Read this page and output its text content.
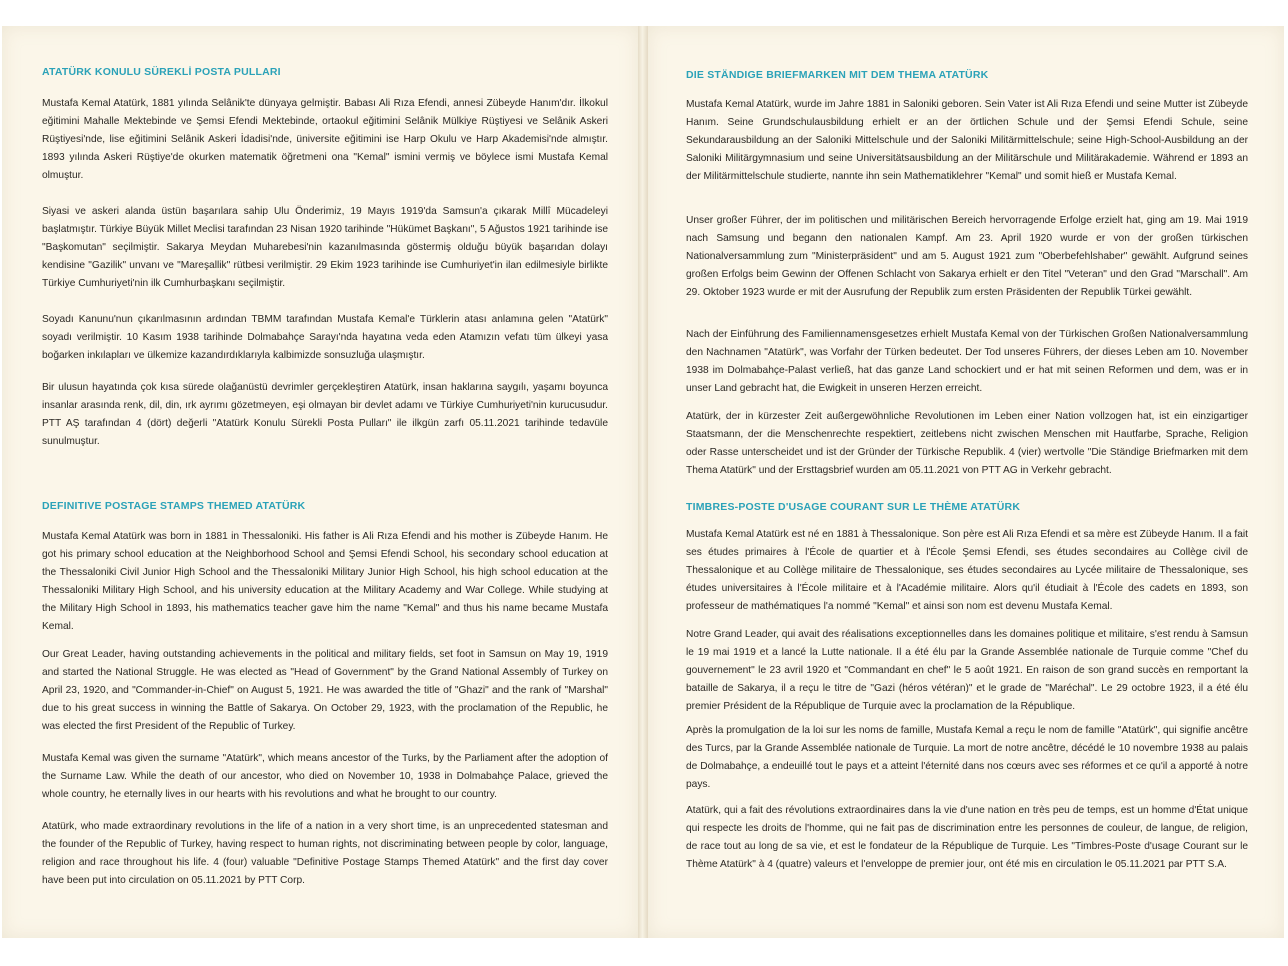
ATATÜRK KONULU SÜREKLİ POSTA PULLARI

Mustafa Kemal Atatürk, 1881 yılında Selânik'te dünyaya gelmiştir. Babası Ali Rıza Efendi, annesi Zübeyde Hanım'dır. İlkokul eğitimini Mahalle Mektebinde ve Şemsi Efendi Mektebinde, ortaokul eğitimini Selânik Mülkiye Rüştiyesi ve Selânik Askeri Rüştiyesi'nde, lise eğitimini Selânik Askeri İdadisi'nde, üniversite eğitimini ise Harp Okulu ve Harp Akademisi'nde almıştır. 1893 yılında Askeri Rüştiye'de okurken matematik öğretmeni ona "Kemal" ismini vermiş ve böylece ismi Mustafa Kemal olmuştur.

Siyasi ve askeri alanda üstün başarılara sahip Ulu Önderimiz, 19 Mayıs 1919'da Samsun'a çıkarak Millî Mücadeleyi başlatmıştır. Türkiye Büyük Millet Meclisi tarafından 23 Nisan 1920 tarihinde "Hükümet Başkanı", 5 Ağustos 1921 tarihinde ise "Başkomutan" seçilmiştir. Sakarya Meydan Muharebesi'nin kazanılmasında göstermiş olduğu büyük başarıdan dolayı kendisine "Gazilik" unvanı ve "Mareşallik" rütbesi verilmiştir. 29 Ekim 1923 tarihinde ise Cumhuriyet'in ilan edilmesiyle birlikte Türkiye Cumhuriyeti'nin ilk Cumhurbaşkanı seçilmiştir.

Soyadı Kanunu'nun çıkarılmasının ardından TBMM tarafından Mustafa Kemal'e Türklerin atası anlamına gelen "Atatürk" soyadı verilmiştir. 10 Kasım 1938 tarihinde Dolmabahçe Sarayı'nda hayatına veda eden Atamızın vefatı tüm ülkeyi yasa boğarken inkılapları ve ülkemize kazandırdıklarıyla kalbimizde sonsuzluğa ulaşmıştır.

Bir ulusun hayatında çok kısa sürede olağanüstü devrimler gerçekleştiren Atatürk, insan haklarına saygılı, yaşamı boyunca insanlar arasında renk, dil, din, ırk ayrımı gözetmeyen, eşi olmayan bir devlet adamı ve Türkiye Cumhuriyeti'nin kurucusudur. PTT AŞ tarafından 4 (dört) değerli "Atatürk Konulu Sürekli Posta Pulları" ile ilkgün zarfı 05.11.2021 tarihinde tedavüle sunulmuştur.

DEFINITIVE POSTAGE STAMPS THEMED ATATÜRK

Mustafa Kemal Atatürk was born in 1881 in Thessaloniki. His father is Ali Rıza Efendi and his mother is Zübeyde Hanım. He got his primary school education at the Neighborhood School and Şemsi Efendi School, his secondary school education at the Thessaloniki Civil Junior High School and the Thessaloniki Military Junior High School, his high school education at the Thessaloniki Military High School, and his university education at the Military Academy and War College. While studying at the Military High School in 1893, his mathematics teacher gave him the name "Kemal" and thus his name became Mustafa Kemal.

Our Great Leader, having outstanding achievements in the political and military fields, set foot in Samsun on May 19, 1919 and started the National Struggle. He was elected as "Head of Government" by the Grand National Assembly of Turkey on April 23, 1920, and "Commander-in-Chief" on August 5, 1921. He was awarded the title of "Ghazi" and the rank of "Marshal" due to his great success in winning the Battle of Sakarya. On October 29, 1923, with the proclamation of the Republic, he was elected the first President of the Republic of Turkey.

Mustafa Kemal was given the surname "Atatürk", which means ancestor of the Turks, by the Parliament after the adoption of the Surname Law. While the death of our ancestor, who died on November 10, 1938 in Dolmabahçe Palace, grieved the whole country, he eternally lives in our hearts with his revolutions and what he brought to our country.

Atatürk, who made extraordinary revolutions in the life of a nation in a very short time, is an unprecedented statesman and the founder of the Republic of Turkey, having respect to human rights, not discriminating between people by color, language, religion and race throughout his life. 4 (four) valuable "Definitive Postage Stamps Themed Atatürk" and the first day cover have been put into circulation on 05.11.2021 by PTT Corp.

DIE STÄNDIGE BRIEFMARKEN MIT DEM THEMA ATATÜRK

Mustafa Kemal Atatürk, wurde im Jahre 1881 in Saloniki geboren. Sein Vater ist Ali Rıza Efendi und seine Mutter ist Zübeyde Hanım. Seine Grundschulausbildung erhielt er an der örtlichen Schule und der Şemsi Efendi Schule, seine Sekundarausbildung an der Saloniki Mittelschule und der Saloniki Militärmittelschule; seine High-School-Ausbildung an der Saloniki Militärgymnasium und seine Universitätsausbildung an der Militärschule und Militärakademie. Während er 1893 an der Militärmittelschule studierte, nannte ihn sein Mathematiklehrer "Kemal" und somit hieß er Mustafa Kemal.

Unser großer Führer, der im politischen und militärischen Bereich hervorragende Erfolge erzielt hat, ging am 19. Mai 1919 nach Samsung und begann den nationalen Kampf. Am 23. April 1920 wurde er von der großen türkischen Nationalversammlung zum "Ministerpräsident" und am 5. August 1921 zum "Oberbefehlshaber" gewählt. Aufgrund seines großen Erfolgs beim Gewinn der Offenen Schlacht von Sakarya erhielt er den Titel "Veteran" und den Grad "Marschall". Am 29. Oktober 1923 wurde er mit der Ausrufung der Republik zum ersten Präsidenten der Republik Türkei gewählt.

Nach der Einführung des Familiennamensgesetzes erhielt Mustafa Kemal von der Türkischen Großen Nationalversammlung den Nachnamen "Atatürk", was Vorfahr der Türken bedeutet. Der Tod unseres Führers, der dieses Leben am 10. November 1938 im Dolmabahçe-Palast verließ, hat das ganze Land schockiert und er hat mit seinen Reformen und dem, was er in unser Land gebracht hat, die Ewigkeit in unseren Herzen erreicht.

Atatürk, der in kürzester Zeit außergewöhnliche Revolutionen im Leben einer Nation vollzogen hat, ist ein einzigartiger Staatsmann, der die Menschenrechte respektiert, zeitlebens nicht zwischen Menschen mit Hautfarbe, Sprache, Religion oder Rasse unterscheidet und ist der Gründer der Türkische Republik. 4 (vier) wertvolle "Die Ständige Briefmarken mit dem Thema Atatürk" und der Ersttagsbrief wurden am 05.11.2021 von PTT AG in Verkehr gebracht.

TIMBRES-POSTE D'USAGE COURANT SUR LE THÈME ATATÜRK

Mustafa Kemal Atatürk est né en 1881 à Thessalonique. Son père est Ali Rıza Efendi et sa mère est Zübeyde Hanım. Il a fait ses études primaires à l'École de quartier et à l'École Şemsi Efendi, ses études secondaires au Collège civil de Thessalonique et au Collège militaire de Thessalonique, ses études secondaires au Lycée militaire de Thessalonique, ses études universitaires à l'École militaire et à l'Académie militaire. Alors qu'il étudiait à l'École des cadets en 1893, son professeur de mathématiques l'a nommé "Kemal" et ainsi son nom est devenu Mustafa Kemal.

Notre Grand Leader, qui avait des réalisations exceptionnelles dans les domaines politique et militaire, s'est rendu à Samsun le 19 mai 1919 et a lancé la Lutte nationale. Il a été élu par la Grande Assemblée nationale de Turquie comme "Chef du gouvernement" le 23 avril 1920 et "Commandant en chef" le 5 août 1921. En raison de son grand succès en remportant la bataille de Sakarya, il a reçu le titre de "Gazi (héros vétéran)" et le grade de "Maréchal". Le 29 octobre 1923, il a été élu premier Président de la République de Turquie avec la proclamation de la République.

Après la promulgation de la loi sur les noms de famille, Mustafa Kemal a reçu le nom de famille "Atatürk", qui signifie ancêtre des Turcs, par la Grande Assemblée nationale de Turquie. La mort de notre ancêtre, décédé le 10 novembre 1938 au palais de Dolmabahçe, a endeuillé tout le pays et a atteint l'éternité dans nos cœurs avec ses réformes et ce qu'il a apporté à notre pays.

Atatürk, qui a fait des révolutions extraordinaires dans la vie d'une nation en très peu de temps, est un homme d'État unique qui respecte les droits de l'homme, qui ne fait pas de discrimination entre les personnes de couleur, de langue, de religion, de race tout au long de sa vie, et est le fondateur de la République de Turquie. Les "Timbres-Poste d'usage Courant sur le Thème Atatürk" à 4 (quatre) valeurs et l'enveloppe de premier jour, ont été mis en circulation le 05.11.2021 par PTT S.A.
